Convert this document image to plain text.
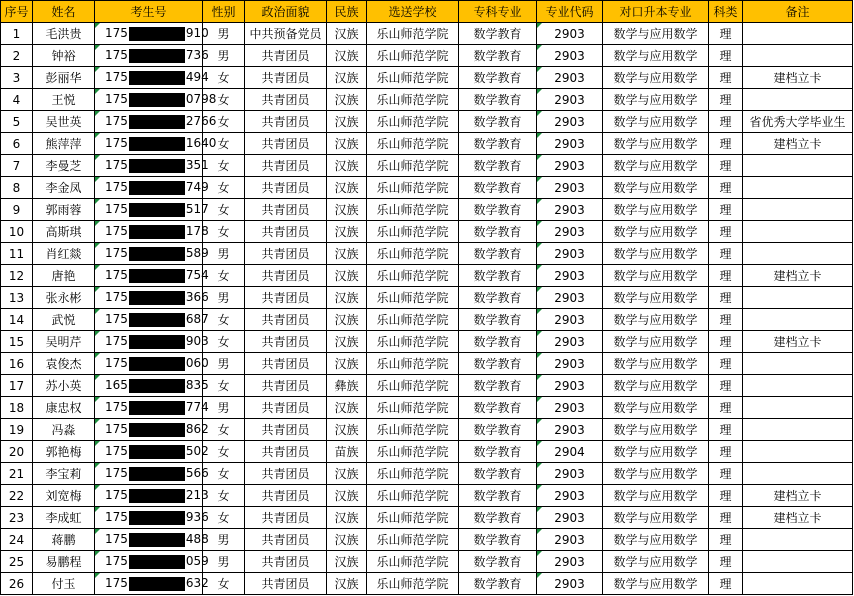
序号	姓名	考生号	性别	政治面貌	民族	选送学校	专科专业	专业代码	对口升本专业	科类	备注
1	毛洪贵	175 910	男	中共预备党员	汉族	乐山师范学院	数学教育	2903	数学与应用数学	理	
2	钟裕	175 736	男	共青团员	汉族	乐山师范学院	数学教育	2903	数学与应用数学	理	
3	彭丽华	175 494	女	共青团员	汉族	乐山师范学院	数学教育	2903	数学与应用数学	理	建档立卡
4	王悦	175 0798	女	共青团员	汉族	乐山师范学院	数学教育	2903	数学与应用数学	理	
5	吴世英	175 2766	女	共青团员	汉族	乐山师范学院	数学教育	2903	数学与应用数学	理	省优秀大学毕业生
6	熊萍萍	175 1640	女	共青团员	汉族	乐山师范学院	数学教育	2903	数学与应用数学	理	建档立卡
7	李曼芝	175 351	女	共青团员	汉族	乐山师范学院	数学教育	2903	数学与应用数学	理	
8	李金凤	175 749	女	共青团员	汉族	乐山师范学院	数学教育	2903	数学与应用数学	理	
9	郭雨蓉	175 517	女	共青团员	汉族	乐山师范学院	数学教育	2903	数学与应用数学	理	
10	高斯琪	175 178	女	共青团员	汉族	乐山师范学院	数学教育	2903	数学与应用数学	理	
11	肖红燚	175 589	男	共青团员	汉族	乐山师范学院	数学教育	2903	数学与应用数学	理	
12	唐艳	175 754	女	共青团员	汉族	乐山师范学院	数学教育	2903	数学与应用数学	理	建档立卡
13	张永彬	175 366	男	共青团员	汉族	乐山师范学院	数学教育	2903	数学与应用数学	理	
14	武悦	175 687	女	共青团员	汉族	乐山师范学院	数学教育	2903	数学与应用数学	理	
15	吴明芹	175 903	女	共青团员	汉族	乐山师范学院	数学教育	2903	数学与应用数学	理	建档立卡
16	袁俊杰	175 060	男	共青团员	汉族	乐山师范学院	数学教育	2903	数学与应用数学	理	
17	苏小英	165 835	女	共青团员	彝族	乐山师范学院	数学教育	2903	数学与应用数学	理	
18	康忠权	175 774	男	共青团员	汉族	乐山师范学院	数学教育	2903	数学与应用数学	理	
19	冯淼	175 862	女	共青团员	汉族	乐山师范学院	数学教育	2903	数学与应用数学	理	
20	郭艳梅	175 502	女	共青团员	苗族	乐山师范学院	数学教育	2904	数学与应用数学	理	
21	李宝莉	175 566	女	共青团员	汉族	乐山师范学院	数学教育	2903	数学与应用数学	理	
22	刘宽梅	175 213	女	共青团员	汉族	乐山师范学院	数学教育	2903	数学与应用数学	理	建档立卡
23	李成虹	175 936	女	共青团员	汉族	乐山师范学院	数学教育	2903	数学与应用数学	理	建档立卡
24	蒋鹏	175 488	男	共青团员	汉族	乐山师范学院	数学教育	2903	数学与应用数学	理	
25	易鹏程	175 059	男	共青团员	汉族	乐山师范学院	数学教育	2903	数学与应用数学	理	
26	付玉	175 632	女	共青团员	汉族	乐山师范学院	数学教育	2903	数学与应用数学	理	
